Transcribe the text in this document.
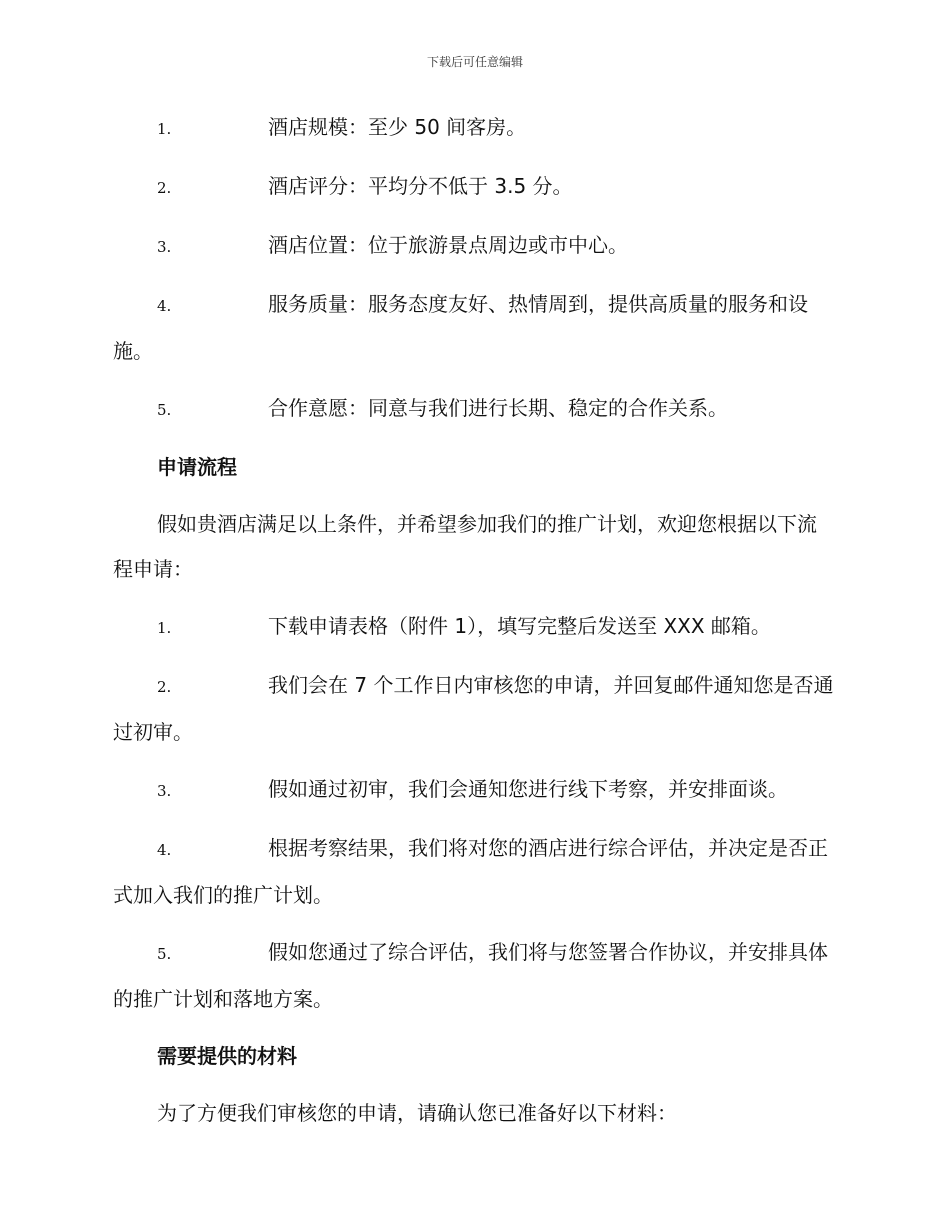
下载后可任意编辑
1.	酒店规模：至少 50 间客房。
2.	酒店评分：平均分不低于 3.5 分。
3.	酒店位置：位于旅游景点周边或市中心。
4.	服务质量：服务态度友好、热情周到，提供高质量的服务和设施。
5.	合作意愿：同意与我们进行长期、稳定的合作关系。
申请流程
假如贵酒店满足以上条件，并希望参加我们的推广计划，欢迎您根据以下流程申请：
1.	下载申请表格（附件 1），填写完整后发送至 XXX 邮箱。
2.	我们会在 7 个工作日内审核您的申请，并回复邮件通知您是否通过初审。
3.	假如通过初审，我们会通知您进行线下考察，并安排面谈。
4.	根据考察结果，我们将对您的酒店进行综合评估，并决定是否正式加入我们的推广计划。
5.	假如您通过了综合评估，我们将与您签署合作协议，并安排具体的推广计划和落地方案。
需要提供的材料
为了方便我们审核您的申请，请确认您已准备好以下材料：
